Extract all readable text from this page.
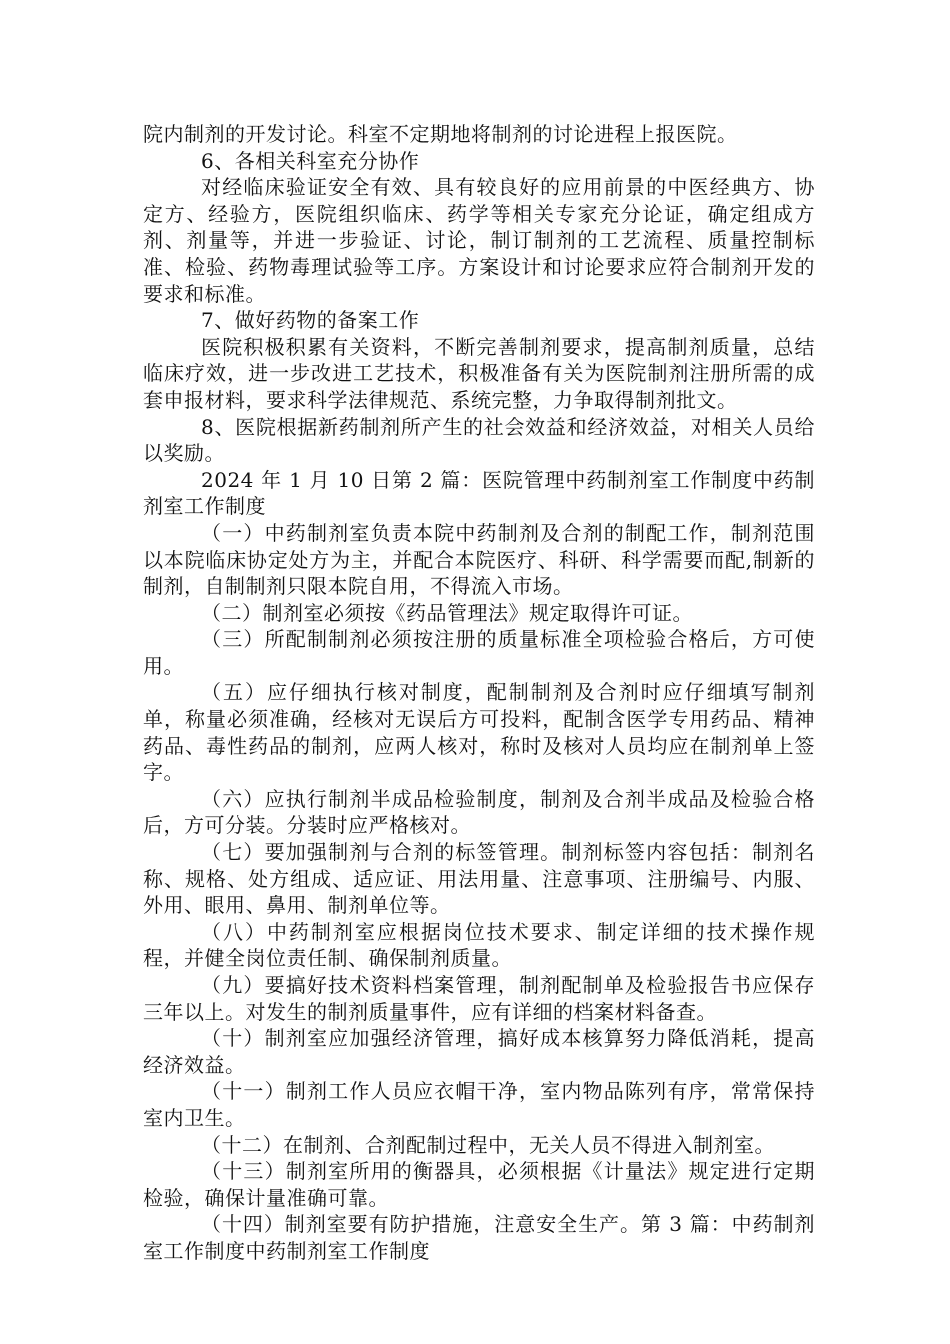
院内制剂的开发讨论。科室不定期地将制剂的讨论进程上报医院。

6、各相关科室充分协作

对经临床验证安全有效、具有较良好的应用前景的中医经典方、协定方、经验方，医院组织临床、药学等相关专家充分论证，确定组成方剂、剂量等，并进一步验证、讨论，制订制剂的工艺流程、质量控制标准、检验、药物毒理试验等工序。方案设计和讨论要求应符合制剂开发的要求和标准。

7、做好药物的备案工作

医院积极积累有关资料，不断完善制剂要求，提高制剂质量，总结临床疗效，进一步改进工艺技术，积极准备有关为医院制剂注册所需的成套申报材料，要求科学法律规范、系统完整，力争取得制剂批文。

8、医院根据新药制剂所产生的社会效益和经济效益，对相关人员给以奖励。

2024 年 1 月 10 日第 2 篇：医院管理中药制剂室工作制度中药制剂室工作制度

（一）中药制剂室负责本院中药制剂及合剂的制配工作，制剂范围以本院临床协定处方为主，并配合本院医疗、科研、科学需要而配,制新的制剂，自制制剂只限本院自用，不得流入市场。

（二）制剂室必须按《药品管理法》规定取得许可证。

（三）所配制制剂必须按注册的质量标准全项检验合格后，方可使用。

（五）应仔细执行核对制度，配制制剂及合剂时应仔细填写制剂单，称量必须准确，经核对无误后方可投料，配制含医学专用药品、精神药品、毒性药品的制剂，应两人核对，称时及核对人员均应在制剂单上签字。

（六）应执行制剂半成品检验制度，制剂及合剂半成品及检验合格后，方可分装。分装时应严格核对。

（七）要加强制剂与合剂的标签管理。制剂标签内容包括：制剂名称、规格、处方组成、适应证、用法用量、注意事项、注册编号、内服、外用、眼用、鼻用、制剂单位等。

（八）中药制剂室应根据岗位技术要求、制定详细的技术操作规程，并健全岗位责任制、确保制剂质量。

（九）要搞好技术资料档案管理，制剂配制单及检验报告书应保存三年以上。对发生的制剂质量事件，应有详细的档案材料备查。

（十）制剂室应加强经济管理，搞好成本核算努力降低消耗，提高经济效益。

（十一）制剂工作人员应衣帽干净，室内物品陈列有序，常常保持室内卫生。

（十二）在制剂、合剂配制过程中，无关人员不得进入制剂室。

（十三）制剂室所用的衡器具，必须根据《计量法》规定进行定期检验，确保计量准确可靠。

（十四）制剂室要有防护措施，注意安全生产。第 3 篇：中药制剂室工作制度中药制剂室工作制度
